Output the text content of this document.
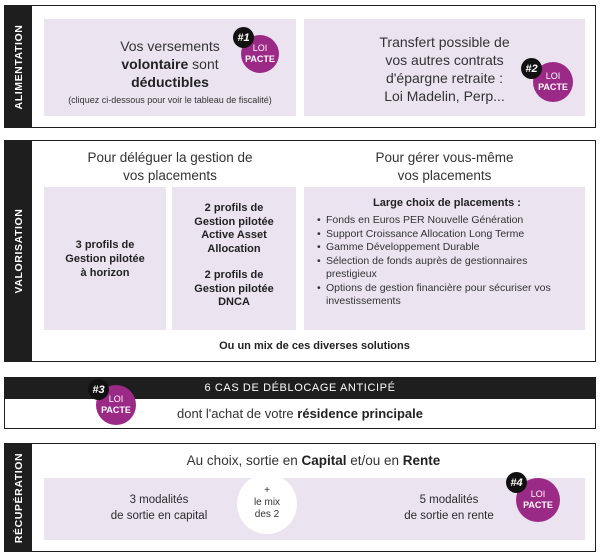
ALIMENTATION	Vos versements
volontaire sont
déductibles
(cliquez ci-dessous pour voir le tableau de fiscalité)
LOI
PACTE
#1	Transfert possible de
vos autres contrats
d'épargne retraite :
Loi Madelin, Perp...
LOI
PACTE
#2
VALORISATION
Pour déléguer la gestion de
vos placements
Pour gérer vous-même
vos placements
3 profils de
Gestion pilotée
à horizon
2 profils de
Gestion pilotée
Active Asset
Allocation
2 profils de
Gestion pilotée
DNCA
Large choix de placements :
• Fonds en Euros PER Nouvelle Génération
• Support Croissance Allocation Long Terme
• Gamme Développement Durable
• Sélection de fonds auprès de gestionnaires prestigieux
• Options de gestion financière pour sécuriser vos investissements
Ou un mix de ces diverses solutions
6 CAS DE DÉBLOCAGE ANTICIPÉ
dont l'achat de votre résidence principale
LOI
PACTE
#3
RÉCUPÉRATION	Au choix, sortie en Capital et/ou en Rente
3 modalités
de sortie en capital
5 modalités
de sortie en rente
+
le mix
des 2
LOI
PACTE
#4
